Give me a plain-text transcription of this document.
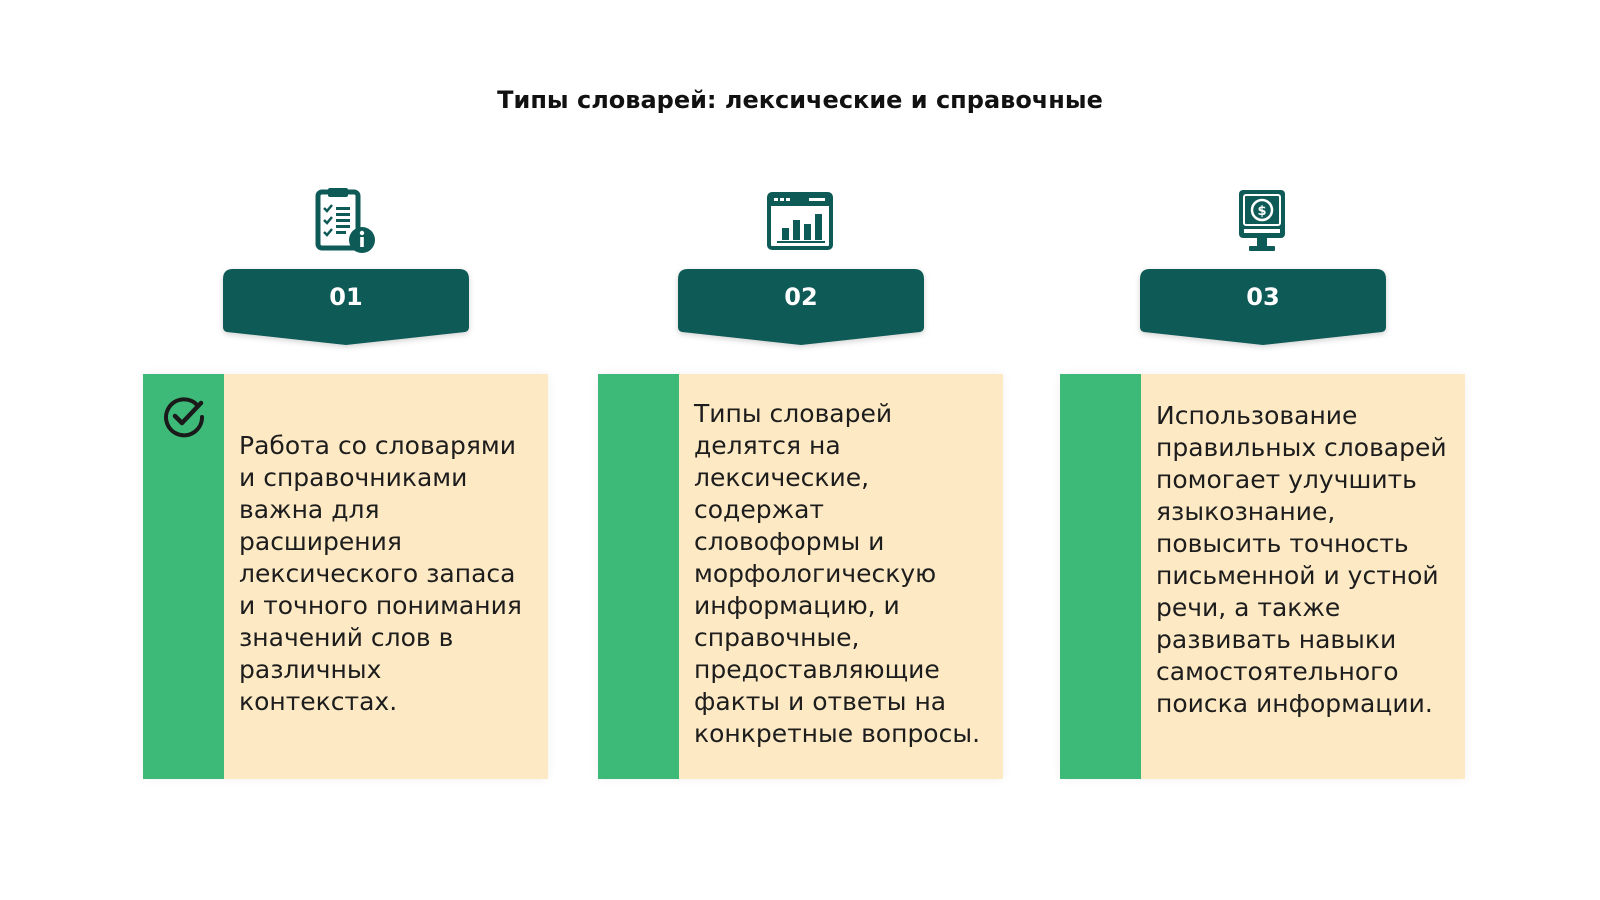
Типы словарей: лексические и справочные
01
Работа со словарями и справочниками важна для расширения лексического запаса и точного понимания значений слов в различных контекстах.
02
Типы словарей делятся на лексические, содержат словоформы и морфологическую информацию, и справочные, предоставляющие факты и ответы на конкретные вопросы.
$
03
Использование правильных словарей помогает улучшить языкознание, повысить точность письменной и устной речи, а также развивать навыки самостоятельного поиска информации.
